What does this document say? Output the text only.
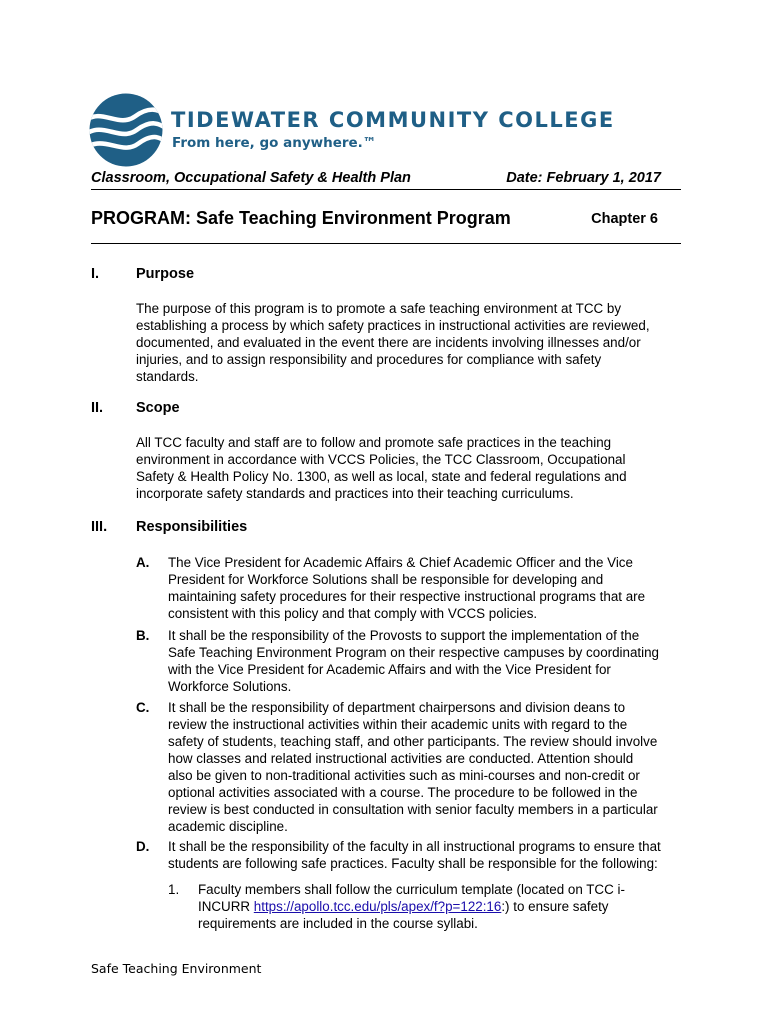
TIDEWATER COMMUNITY COLLEGE
From here, go anywhere.™
Classroom, Occupational Safety & Health Plan	Date: February 1, 2017
PROGRAM: Safe Teaching Environment Program	Chapter 6
I.	Purpose
The purpose of this program is to promote a safe teaching environment at TCC by
establishing a process by which safety practices in instructional activities are reviewed,
documented, and evaluated in the event there are incidents involving illnesses and/or
injuries, and to assign responsibility and procedures for compliance with safety
standards.
II. Scope
All TCC faculty and staff are to follow and promote safe practices in the teaching
environment in accordance with VCCS Policies, the TCC Classroom, Occupational
Safety & Health Policy No. 1300, as well as local, state and federal regulations and
incorporate safety standards and practices into their teaching curriculums.
III. Responsibilities
A. The Vice President for Academic Affairs & Chief Academic Officer and the Vice
President for Workforce Solutions shall be responsible for developing and
maintaining safety procedures for their respective instructional programs that are
consistent with this policy and that comply with VCCS policies.
B. It shall be the responsibility of the Provosts to support the implementation of the
Safe Teaching Environment Program on their respective campuses by coordinating
with the Vice President for Academic Affairs and with the Vice President for
Workforce Solutions.
C. It shall be the responsibility of department chairpersons and division deans to
review the instructional activities within their academic units with regard to the
safety of students, teaching staff, and other participants. The review should involve
how classes and related instructional activities are conducted. Attention should
also be given to non-traditional activities such as mini-courses and non-credit or
optional activities associated with a course. The procedure to be followed in the
review is best conducted in consultation with senior faculty members in a particular
academic discipline.
D. It shall be the responsibility of the faculty in all instructional programs to ensure that
students are following safe practices. Faculty shall be responsible for the following:
1. Faculty members shall follow the curriculum template (located on TCC i-
INCURR https://apollo.tcc.edu/pls/apex/f?p=122:16:) to ensure safety
requirements are included in the course syllabi.
Safe Teaching Environment
